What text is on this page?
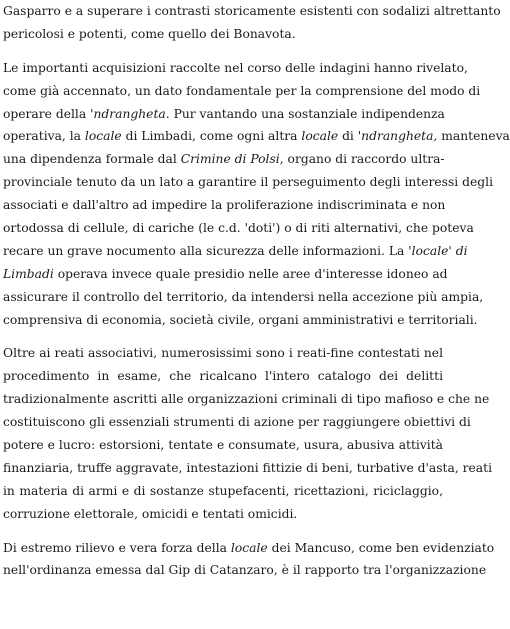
Gasparro e a superare i contrasti storicamente esistenti con sodalizi altrettanto
pericolosi e potenti, come quello dei Bonavota.
Le importanti acquisizioni raccolte nel corso delle indagini hanno rivelato,
come già accennato, un dato fondamentale per la comprensione del modo di
operare della 'ndrangheta. Pur vantando una sostanziale indipendenza
operativa, la locale di Limbadi, come ogni altra locale di 'ndrangheta, manteneva
una dipendenza formale dal Crimine di Polsi, organo di raccordo ultra-
provinciale tenuto da un lato a garantire il perseguimento degli interessi degli
associati e dall'altro ad impedire la proliferazione indiscriminata e non
ortodossa di cellule, di cariche (le c.d. 'doti') o di riti alternativi, che poteva
recare un grave nocumento alla sicurezza delle informazioni. La 'locale' di
Limbadi operava invece quale presidio nelle aree d'interesse idoneo ad
assicurare il controllo del territorio, da intendersi nella accezione più ampia,
comprensiva di economia, società civile, organi amministrativi e territoriali.
Oltre ai reati associativi, numerosissimi sono i reati-fine contestati nel
procedimento in esame, che ricalcano l'intero catalogo dei delitti
tradizionalmente ascritti alle organizzazioni criminali di tipo mafioso e che ne
costituiscono gli essenziali strumenti di azione per raggiungere obiettivi di
potere e lucro: estorsioni, tentate e consumate, usura, abusiva attività
finanziaria, truffe aggravate, intestazioni fittizie di beni, turbative d'asta, reati
in materia di armi e di sostanze stupefacenti, ricettazioni, riciclaggio,
corruzione elettorale, omicidi e tentati omicidi.
Di estremo rilievo e vera forza della locale dei Mancuso, come ben evidenziato
nell'ordinanza emessa dal Gip di Catanzaro, è il rapporto tra l'organizzazione
